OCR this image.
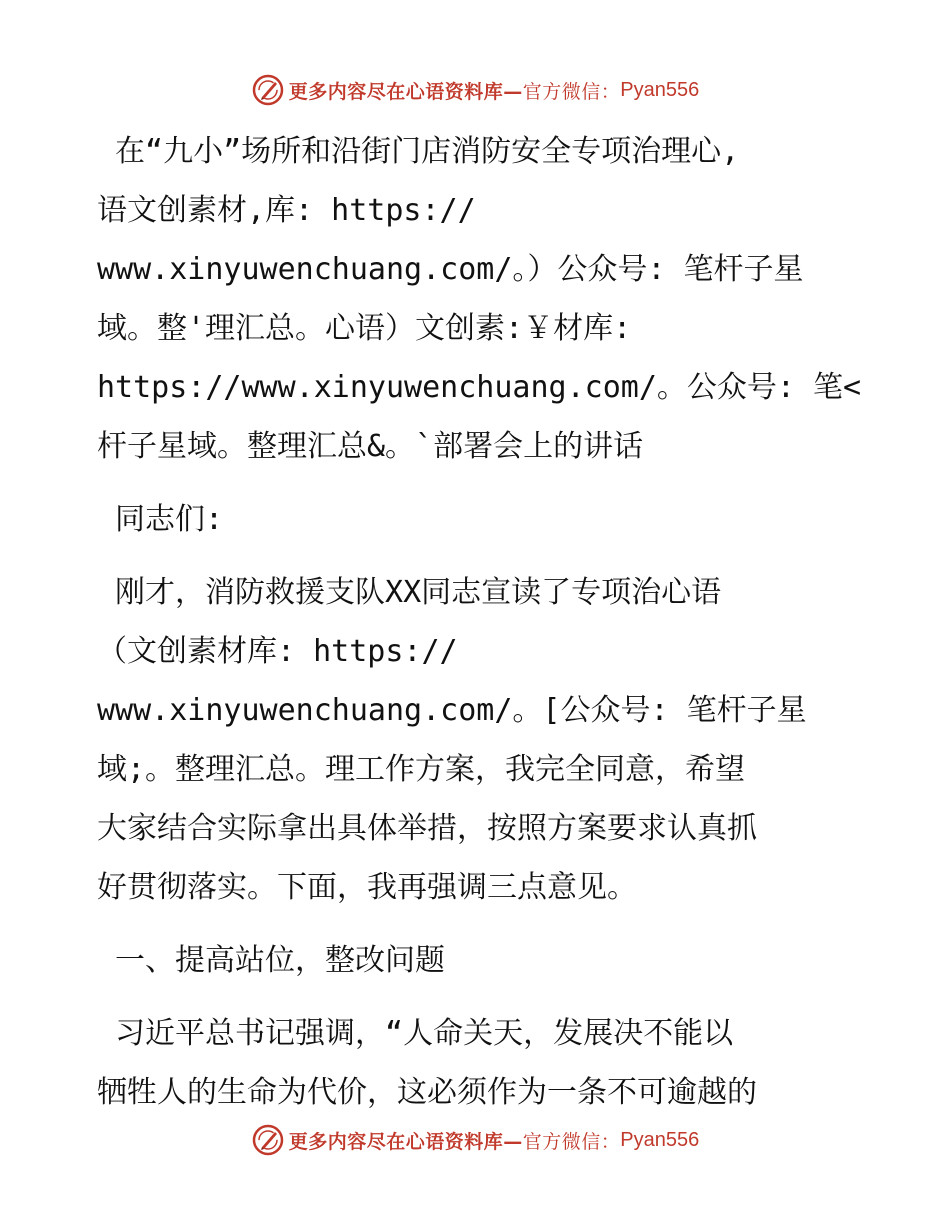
更多内容尽在心语资料库— 官方微信： Pyan556
在“九小”场所和沿街门店消防安全专项治理心,
语文创素材,库: https://
www.xinyuwenchuang.com/。）公众号: 笔杆子星
域。整'理汇总。心语）文创素:￥材库:
https://www.xinyuwenchuang.com/。公众号: 笔<
杆子星域。整理汇总&。`部署会上的讲话
同志们:
刚才，消防救援支队XX同志宣读了专项治心语
（文创素材库: https://
www.xinyuwenchuang.com/。[公众号: 笔杆子星
域;。整理汇总。理工作方案，我完全同意，希望
大家结合实际拿出具体举措，按照方案要求认真抓
好贯彻落实。下面，我再强调三点意见。
一、提高站位，整改问题
习近平总书记强调，“人命关天，发展决不能以
牺牲人的生命为代价，这必须作为一条不可逾越的
更多内容尽在心语资料库— 官方微信： Pyan556
